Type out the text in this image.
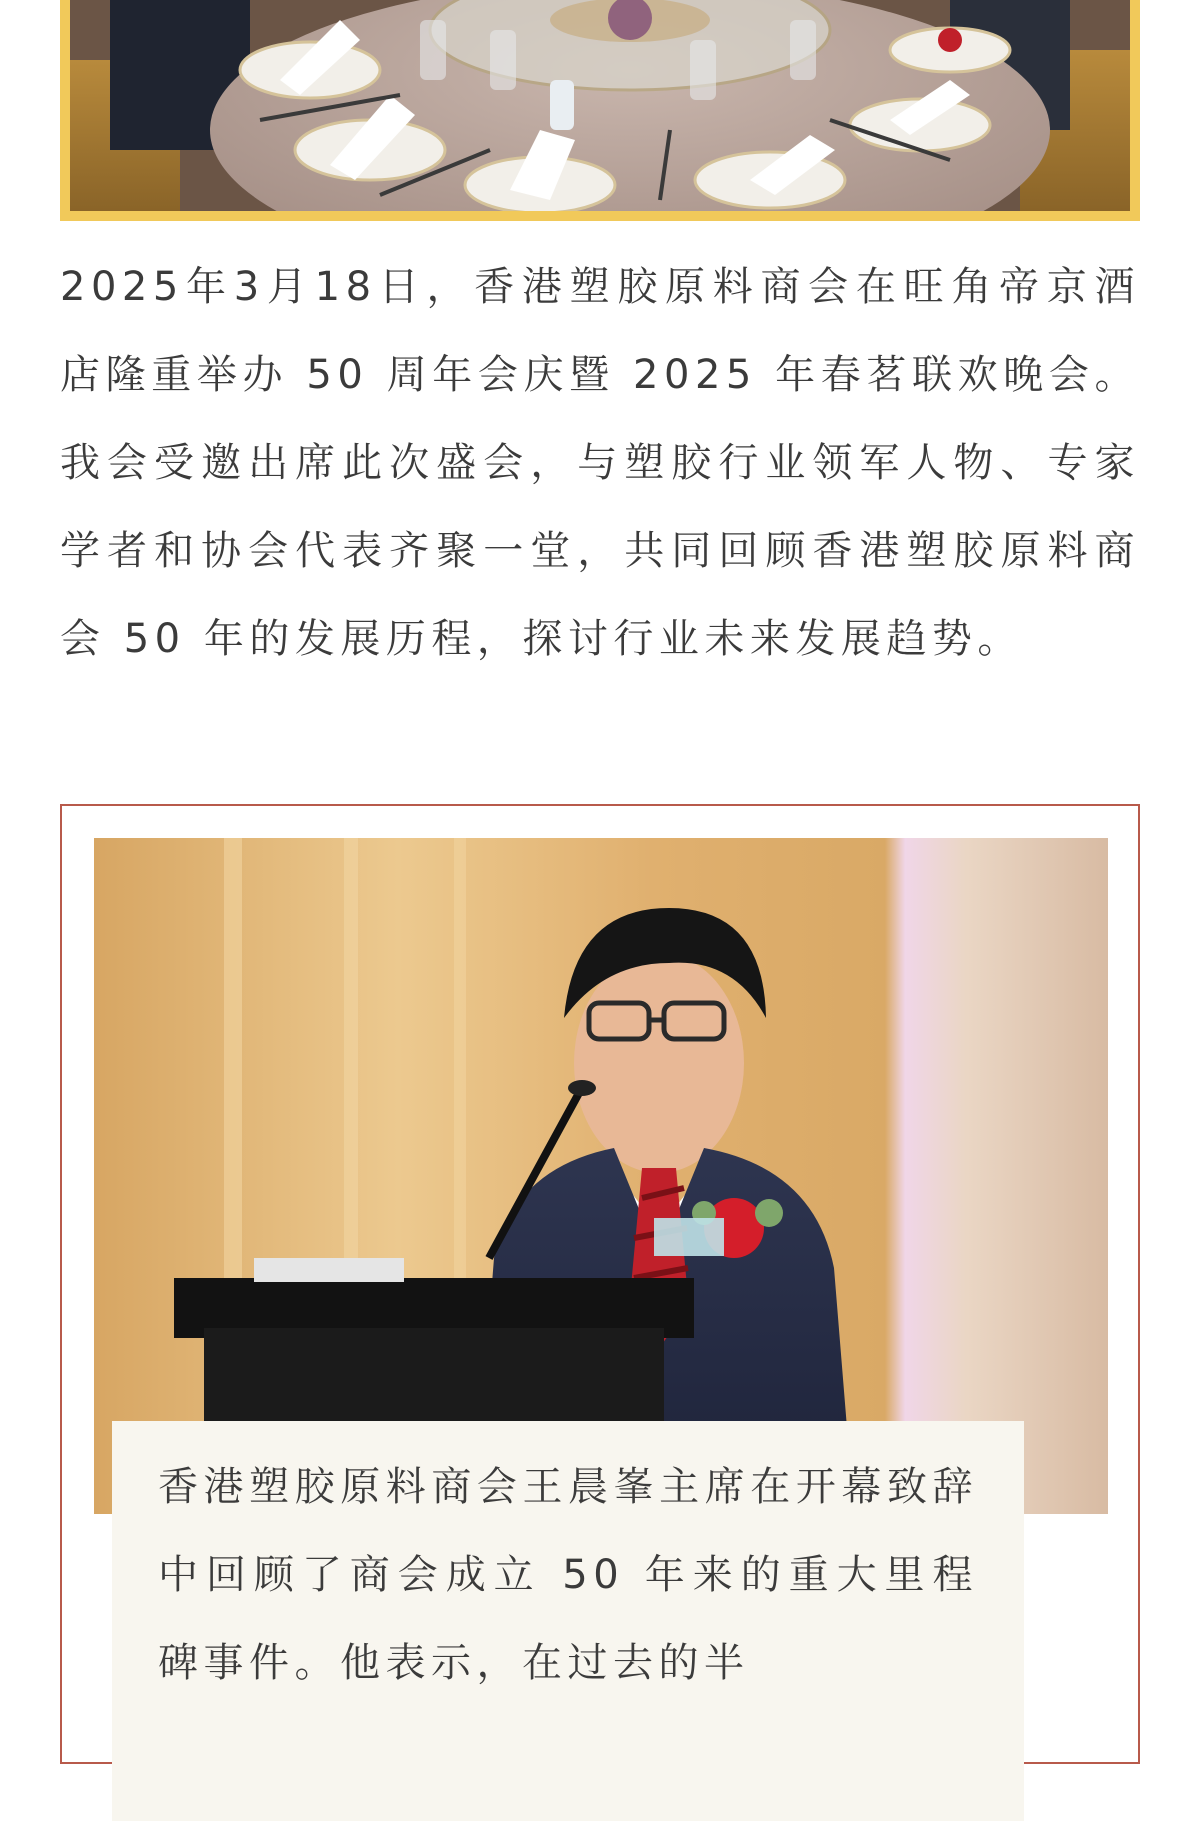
2025年3月18日，香港塑胶原料商会在旺角帝京酒店隆重举办 50 周年会庆暨 2025 年春茗联欢晚会。我会受邀出席此次盛会，与塑胶行业领军人物、专家学者和协会代表齐聚一堂，共同回顾香港塑胶原料商会 50 年的发展历程，探讨行业未来发展趋势。

香港塑胶原料商会王晨峯主席在开幕致辞中回顾了商会成立 50 年来的重大里程碑事件。他表示，在过去的半
